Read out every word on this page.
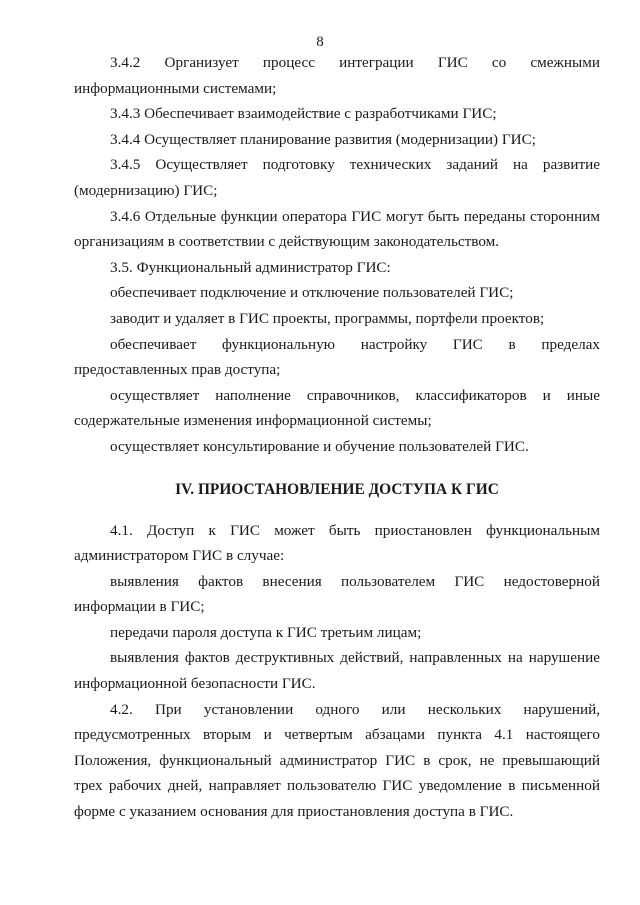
8

3.4.2 Организует процесс интеграции ГИС со смежными информационными системами;

3.4.3 Обеспечивает взаимодействие с разработчиками ГИС;

3.4.4 Осуществляет планирование развития (модернизации) ГИС;

3.4.5 Осуществляет подготовку технических заданий на развитие (модернизацию) ГИС;

3.4.6 Отдельные функции оператора ГИС могут быть переданы сторонним организациям в соответствии с действующим законодательством.

3.5. Функциональный администратор ГИС:

обеспечивает подключение и отключение пользователей ГИС;

заводит и удаляет в ГИС проекты, программы, портфели проектов;

обеспечивает функциональную настройку ГИС в пределах предоставленных прав доступа;

осуществляет наполнение справочников, классификаторов и иные содержательные изменения информационной системы;

осуществляет консультирование и обучение пользователей ГИС.

IV. ПРИОСТАНОВЛЕНИЕ ДОСТУПА К ГИС

4.1. Доступ к ГИС может быть приостановлен функциональным администратором ГИС в случае:

выявления фактов внесения пользователем ГИС недостоверной информации в ГИС;

передачи пароля доступа к ГИС третьим лицам;

выявления фактов деструктивных действий, направленных на нарушение информационной безопасности ГИС.

4.2. При установлении одного или нескольких нарушений, предусмотренных вторым и четвертым абзацами пункта 4.1 настоящего Положения, функциональный администратор ГИС в срок, не превышающий трех рабочих дней, направляет пользователю ГИС уведомление в письменной форме с указанием основания для приостановления доступа в ГИС.
